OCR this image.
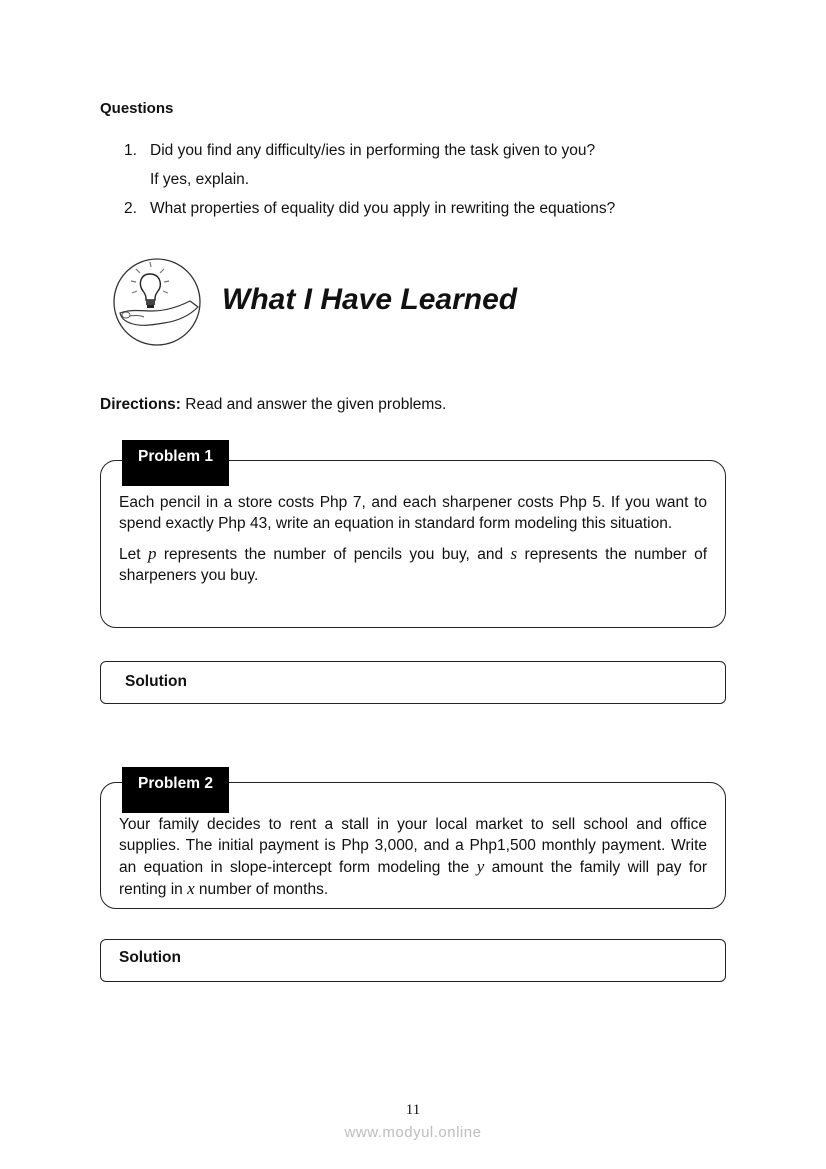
Questions
1. Did you find any difficulty/ies in performing the task given to you?
If yes, explain.
2. What properties of equality did you apply in rewriting the equations?
What I Have Learned
Directions: Read and answer the given problems.
Problem 1

Each pencil in a store costs Php 7, and each sharpener costs Php 5. If you want to spend exactly Php 43, write an equation in standard form modeling this situation.

Let p represents the number of pencils you buy, and s represents the number of sharpeners you buy.

Solution
Problem 2

Your family decides to rent a stall in your local market to sell school and office supplies. The initial payment is Php 3,000, and a Php1,500 monthly payment. Write an equation in slope-intercept form modeling the y amount the family will pay for renting in x number of months.

Solution
11
www.modyul.online
